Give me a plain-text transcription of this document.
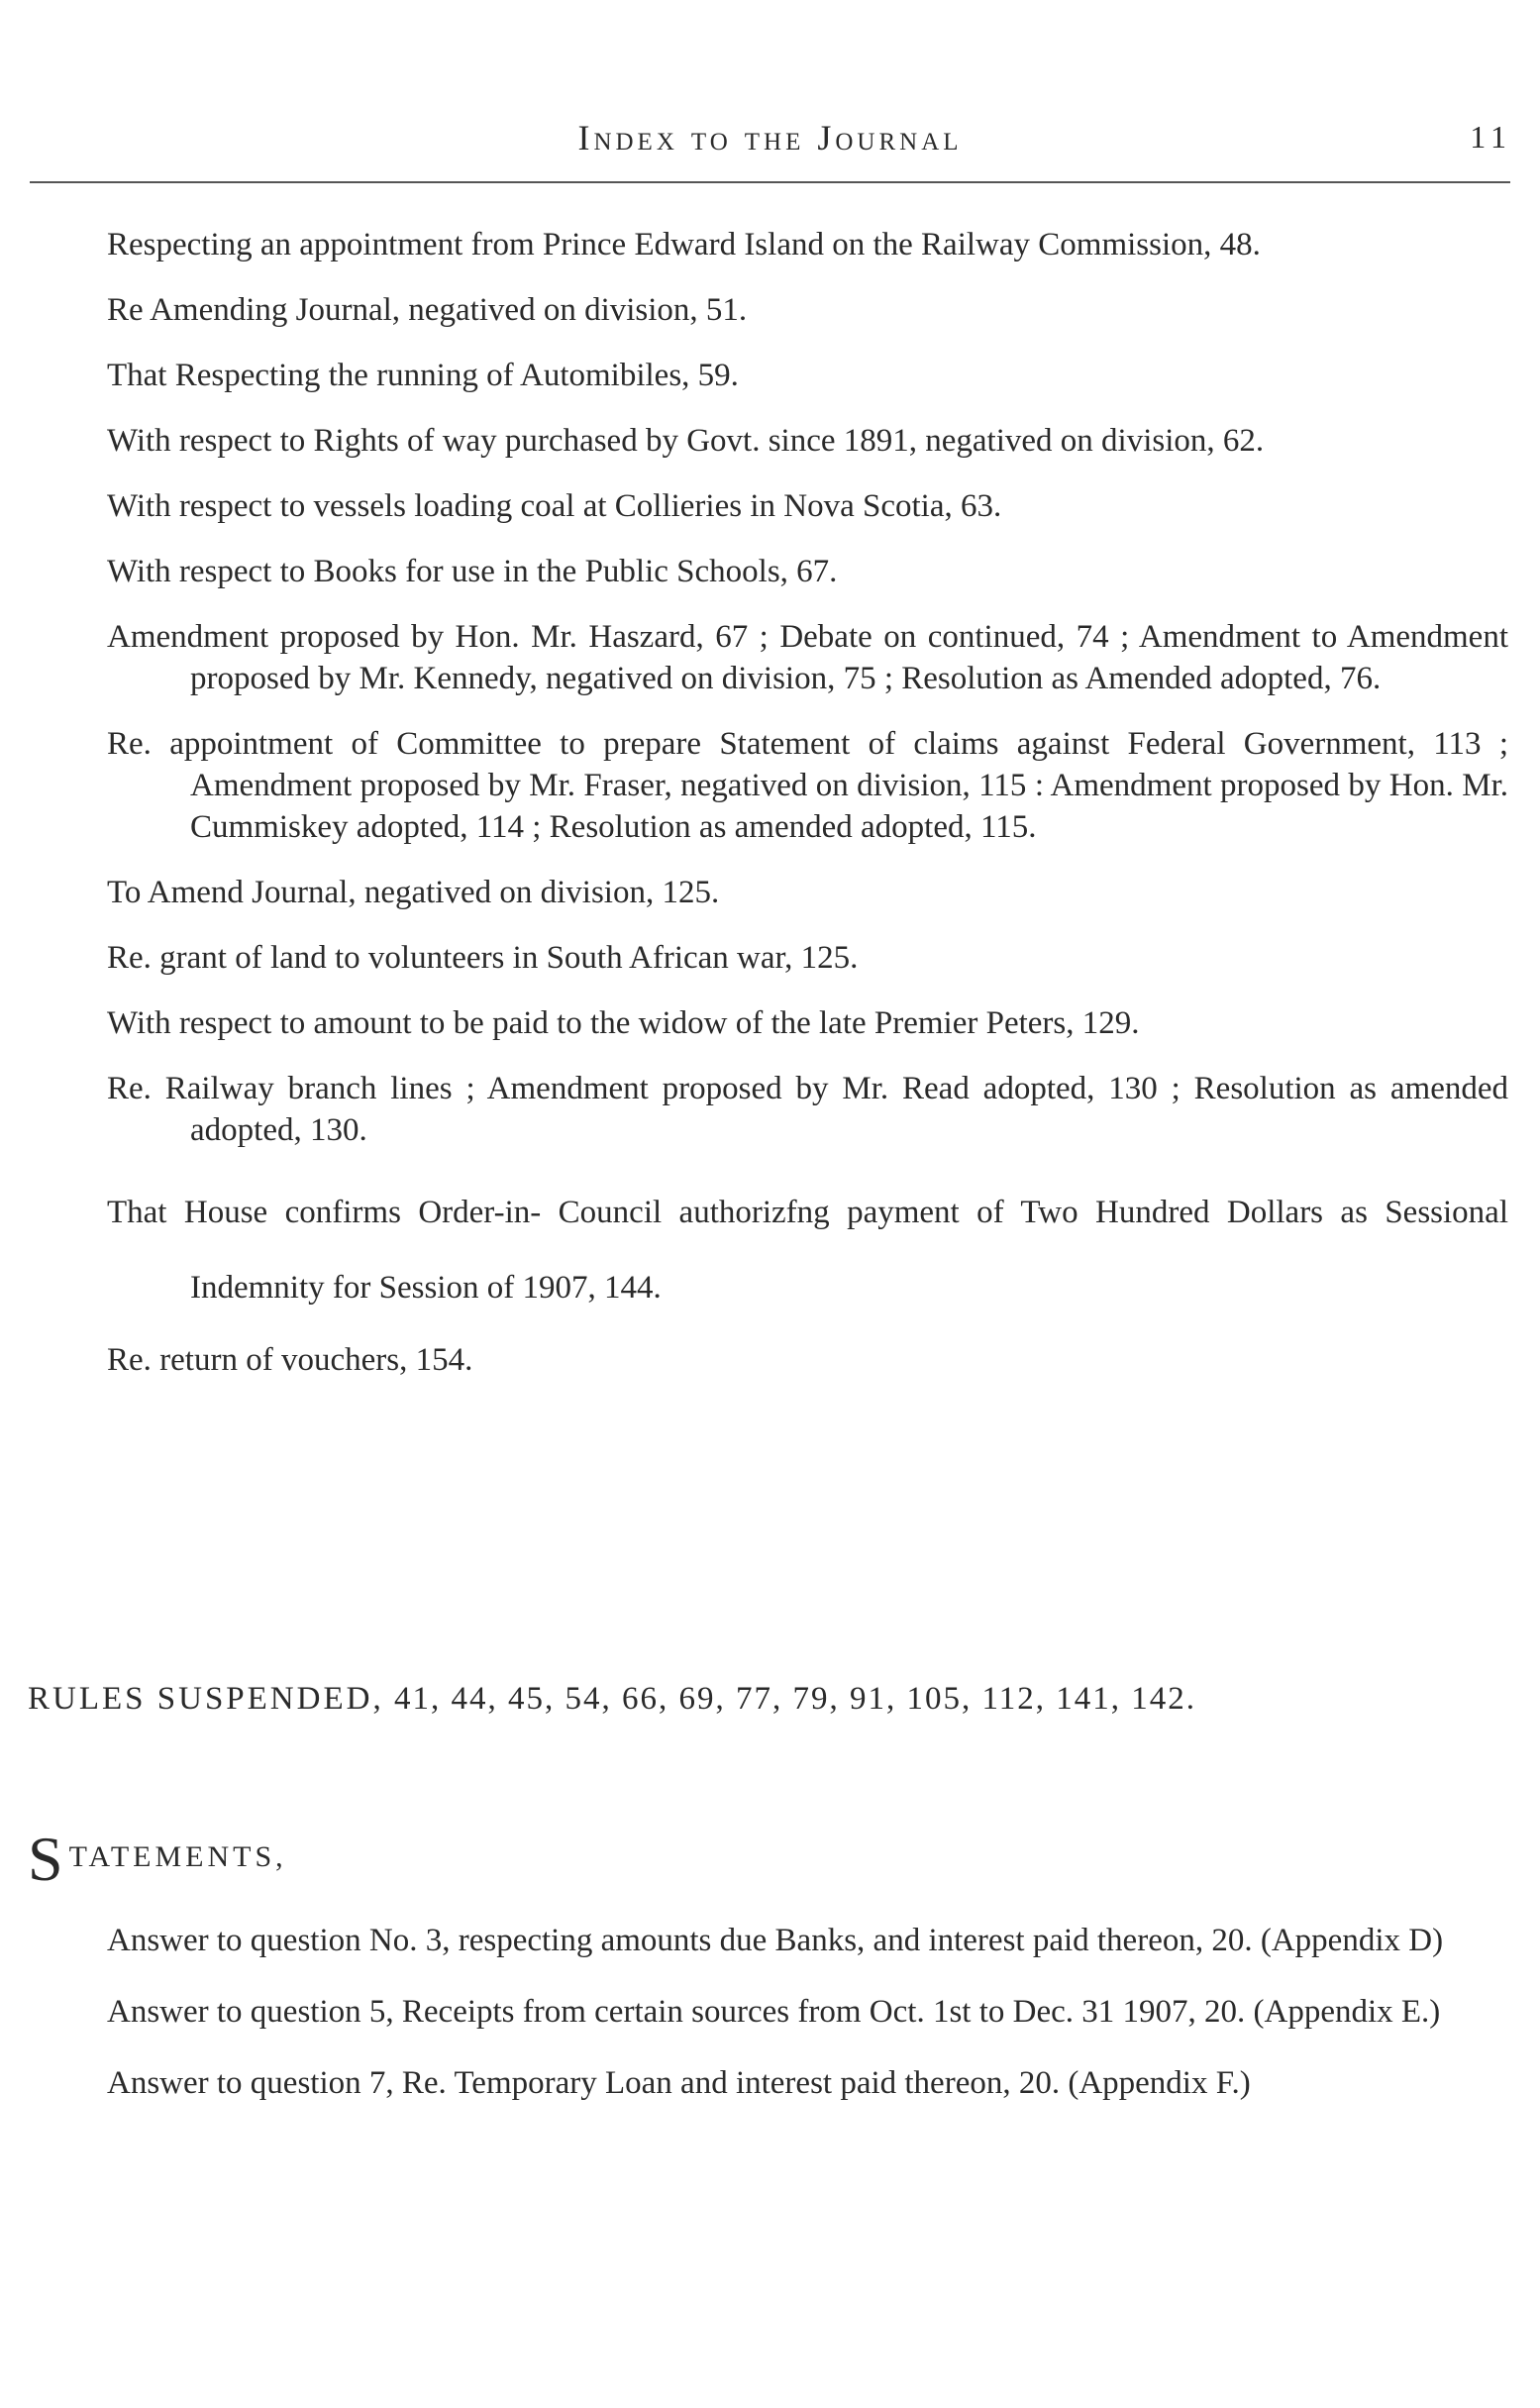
Index to the Journal	11

Respecting an appointment from Prince Edward Island on the Railway Commission, 48.

Re Amending Journal, negatived on division, 51.

That Respecting the running of Automibiles, 59.

With respect to Rights of way purchased by Govt. since 1891, negatived on division, 62.

With respect to vessels loading coal at Collieries in Nova Scotia, 63.

With respect to Books for use in the Public Schools, 67.

Amendment proposed by Hon. Mr. Haszard, 67 ; Debate on continued, 74 ; Amendment to Amendment proposed by Mr. Kennedy, negatived on division, 75 ; Resolution as Amended adopted, 76.

Re. appointment of Committee to prepare Statement of claims against Federal Government, 113 ; Amendment proposed by Mr. Fraser, negatived on division, 115 : Amendment proposed by Hon. Mr. Cummiskey adopted, 114 ; Resolution as amended adopted, 115.

To Amend Journal, negatived on division, 125.

Re. grant of land to volunteers in South African war, 125.

With respect to amount to be paid to the widow of the late Premier Peters, 129.

Re. Railway branch lines ; Amendment proposed by Mr. Read adopted, 130 ; Resolution as amended adopted, 130.

That House confirms Order-in- Council authorizfng payment of Two Hundred Dollars as Sessional Indemnity for Session of 1907, 144.

Re. return of vouchers, 154.

RULES SUSPENDED, 41, 44, 45, 54, 66, 69, 77, 79, 91, 105, 112, 141, 142.
STATEMENTS,

Answer to question No. 3, respecting amounts due Banks, and interest paid thereon, 20. (Appendix D)

Answer to question 5, Receipts from certain sources from Oct. 1st to Dec. 31 1907, 20. (Appendix E.)

Answer to question 7, Re. Temporary Loan and interest paid thereon, 20. (Appendix F.)
